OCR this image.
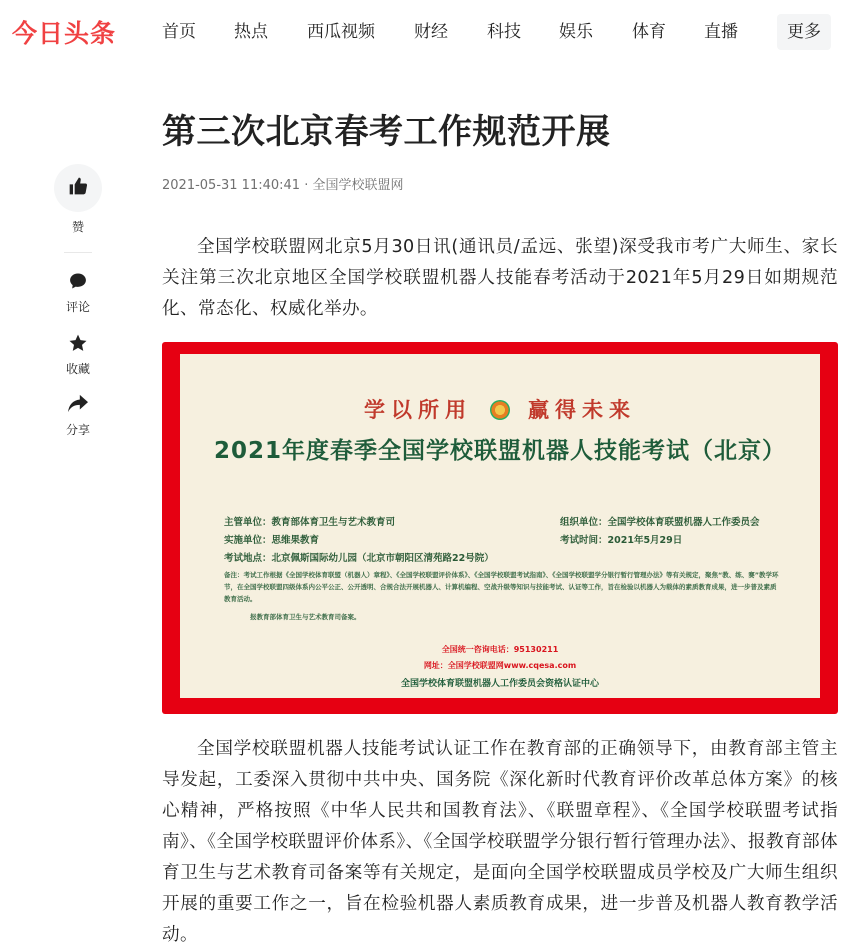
今日头条	首页 热点 西瓜视频 财经 科技 娱乐 体育 直播	更多
赞
评论
收藏
分享
第三次北京春考工作规范开展
2021-05-31 11:40:41 · 全国学校联盟网

全国学校联盟网北京5月30日讯(通讯员/孟远、张望)深受我市考广大师生、家长关注第三次北京地区全国学校联盟机器人技能春考活动于2021年5月29日如期规范化、常态化、权威化举办。

学以所用	赢得未来
2021年度春季全国学校联盟机器人技能考试（北京）
主管单位：教育部体育卫生与艺术教育司
实施单位：思维果教育
考试地点：北京佩斯国际幼儿园（北京市朝阳区清苑路22号院）
组织单位：全国学校体育联盟机器人工作委员会
考试时间：2021年5月29日
备注：考试工作根据《全国学校体育联盟（机器人）章程》、《全国学校联盟评价体系》、《全国学校联盟考试指南》、《全国学校联盟学分银行暂行管理办法》等有关规定，聚焦“教、练、赛”教学环节，在全国学校联盟四级体系内公平公正、公开透明、合规合法开展机器人、计算机编程、空战升级等知识与技能考试、认证等工作，旨在检验以机器人为载体的素质教育成果，进一步普及素质教育活动。
报教育部体育卫生与艺术教育司备案。
全国统一咨询电话：95130211
网址：全国学校联盟网www.cqesa.com
全国学校体育联盟机器人工作委员会资格认证中心

全国学校联盟机器人技能考试认证工作在教育部的正确领导下，由教育部主管主导发起，工委深入贯彻中共中央、国务院《深化新时代教育评价改革总体方案》的核心精神，严格按照《中华人民共和国教育法》、《联盟章程》、《全国学校联盟考试指南》、《全国学校联盟评价体系》、《全国学校联盟学分银行暂行管理办法》、报教育部体育卫生与艺术教育司备案等有关规定，是面向全国学校联盟成员学校及广大师生组织开展的重要工作之一，旨在检验机器人素质教育成果，进一步普及机器人教育教学活动。
